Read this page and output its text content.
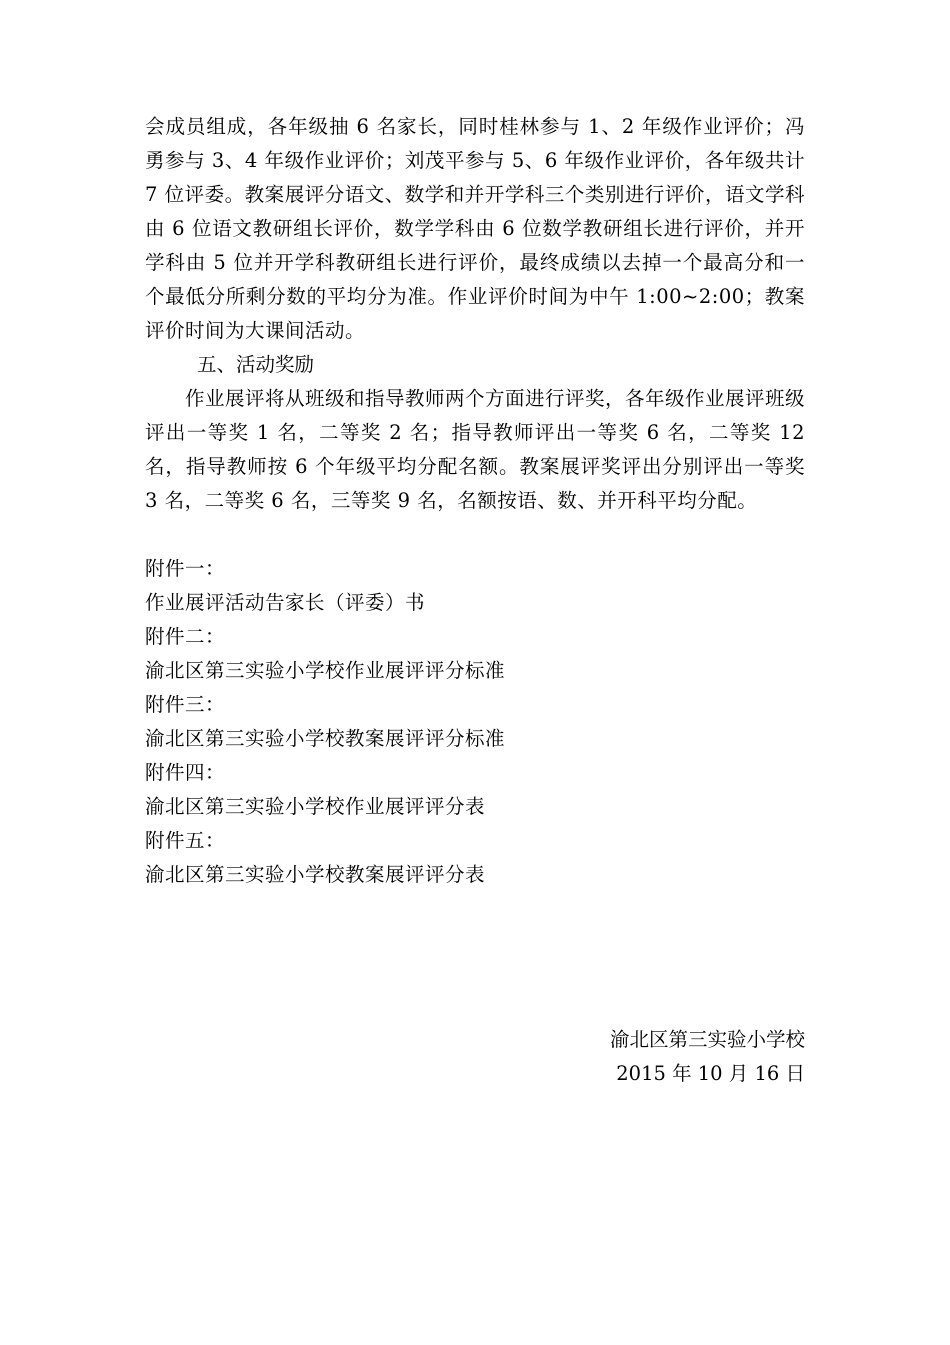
会成员组成，各年级抽 6 名家长，同时桂林参与 1、2 年级作业评价；冯勇参与 3、4 年级作业评价；刘茂平参与 5、6 年级作业评价，各年级共计 7 位评委。教案展评分语文、数学和并开学科三个类别进行评价，语文学科由 6 位语文教研组长评价，数学学科由 6 位数学教研组长进行评价，并开学科由 5 位并开学科教研组长进行评价，最终成绩以去掉一个最高分和一个最低分所剩分数的平均分为准。作业评价时间为中午 1:00~2:00；教案评价时间为大课间活动。

五、活动奖励

作业展评将从班级和指导教师两个方面进行评奖，各年级作业展评班级评出一等奖 1 名，二等奖 2 名；指导教师评出一等奖 6 名，二等奖 12 名，指导教师按 6 个年级平均分配名额。教案展评奖评出分别评出一等奖 3 名，二等奖 6 名，三等奖 9 名，名额按语、数、并开科平均分配。

附件一：

作业展评活动告家长（评委）书

附件二：

渝北区第三实验小学校作业展评评分标准

附件三：

渝北区第三实验小学校教案展评评分标准

附件四：

渝北区第三实验小学校作业展评评分表

附件五：

渝北区第三实验小学校教案展评评分表

渝北区第三实验小学校
2015 年 10 月 16 日
